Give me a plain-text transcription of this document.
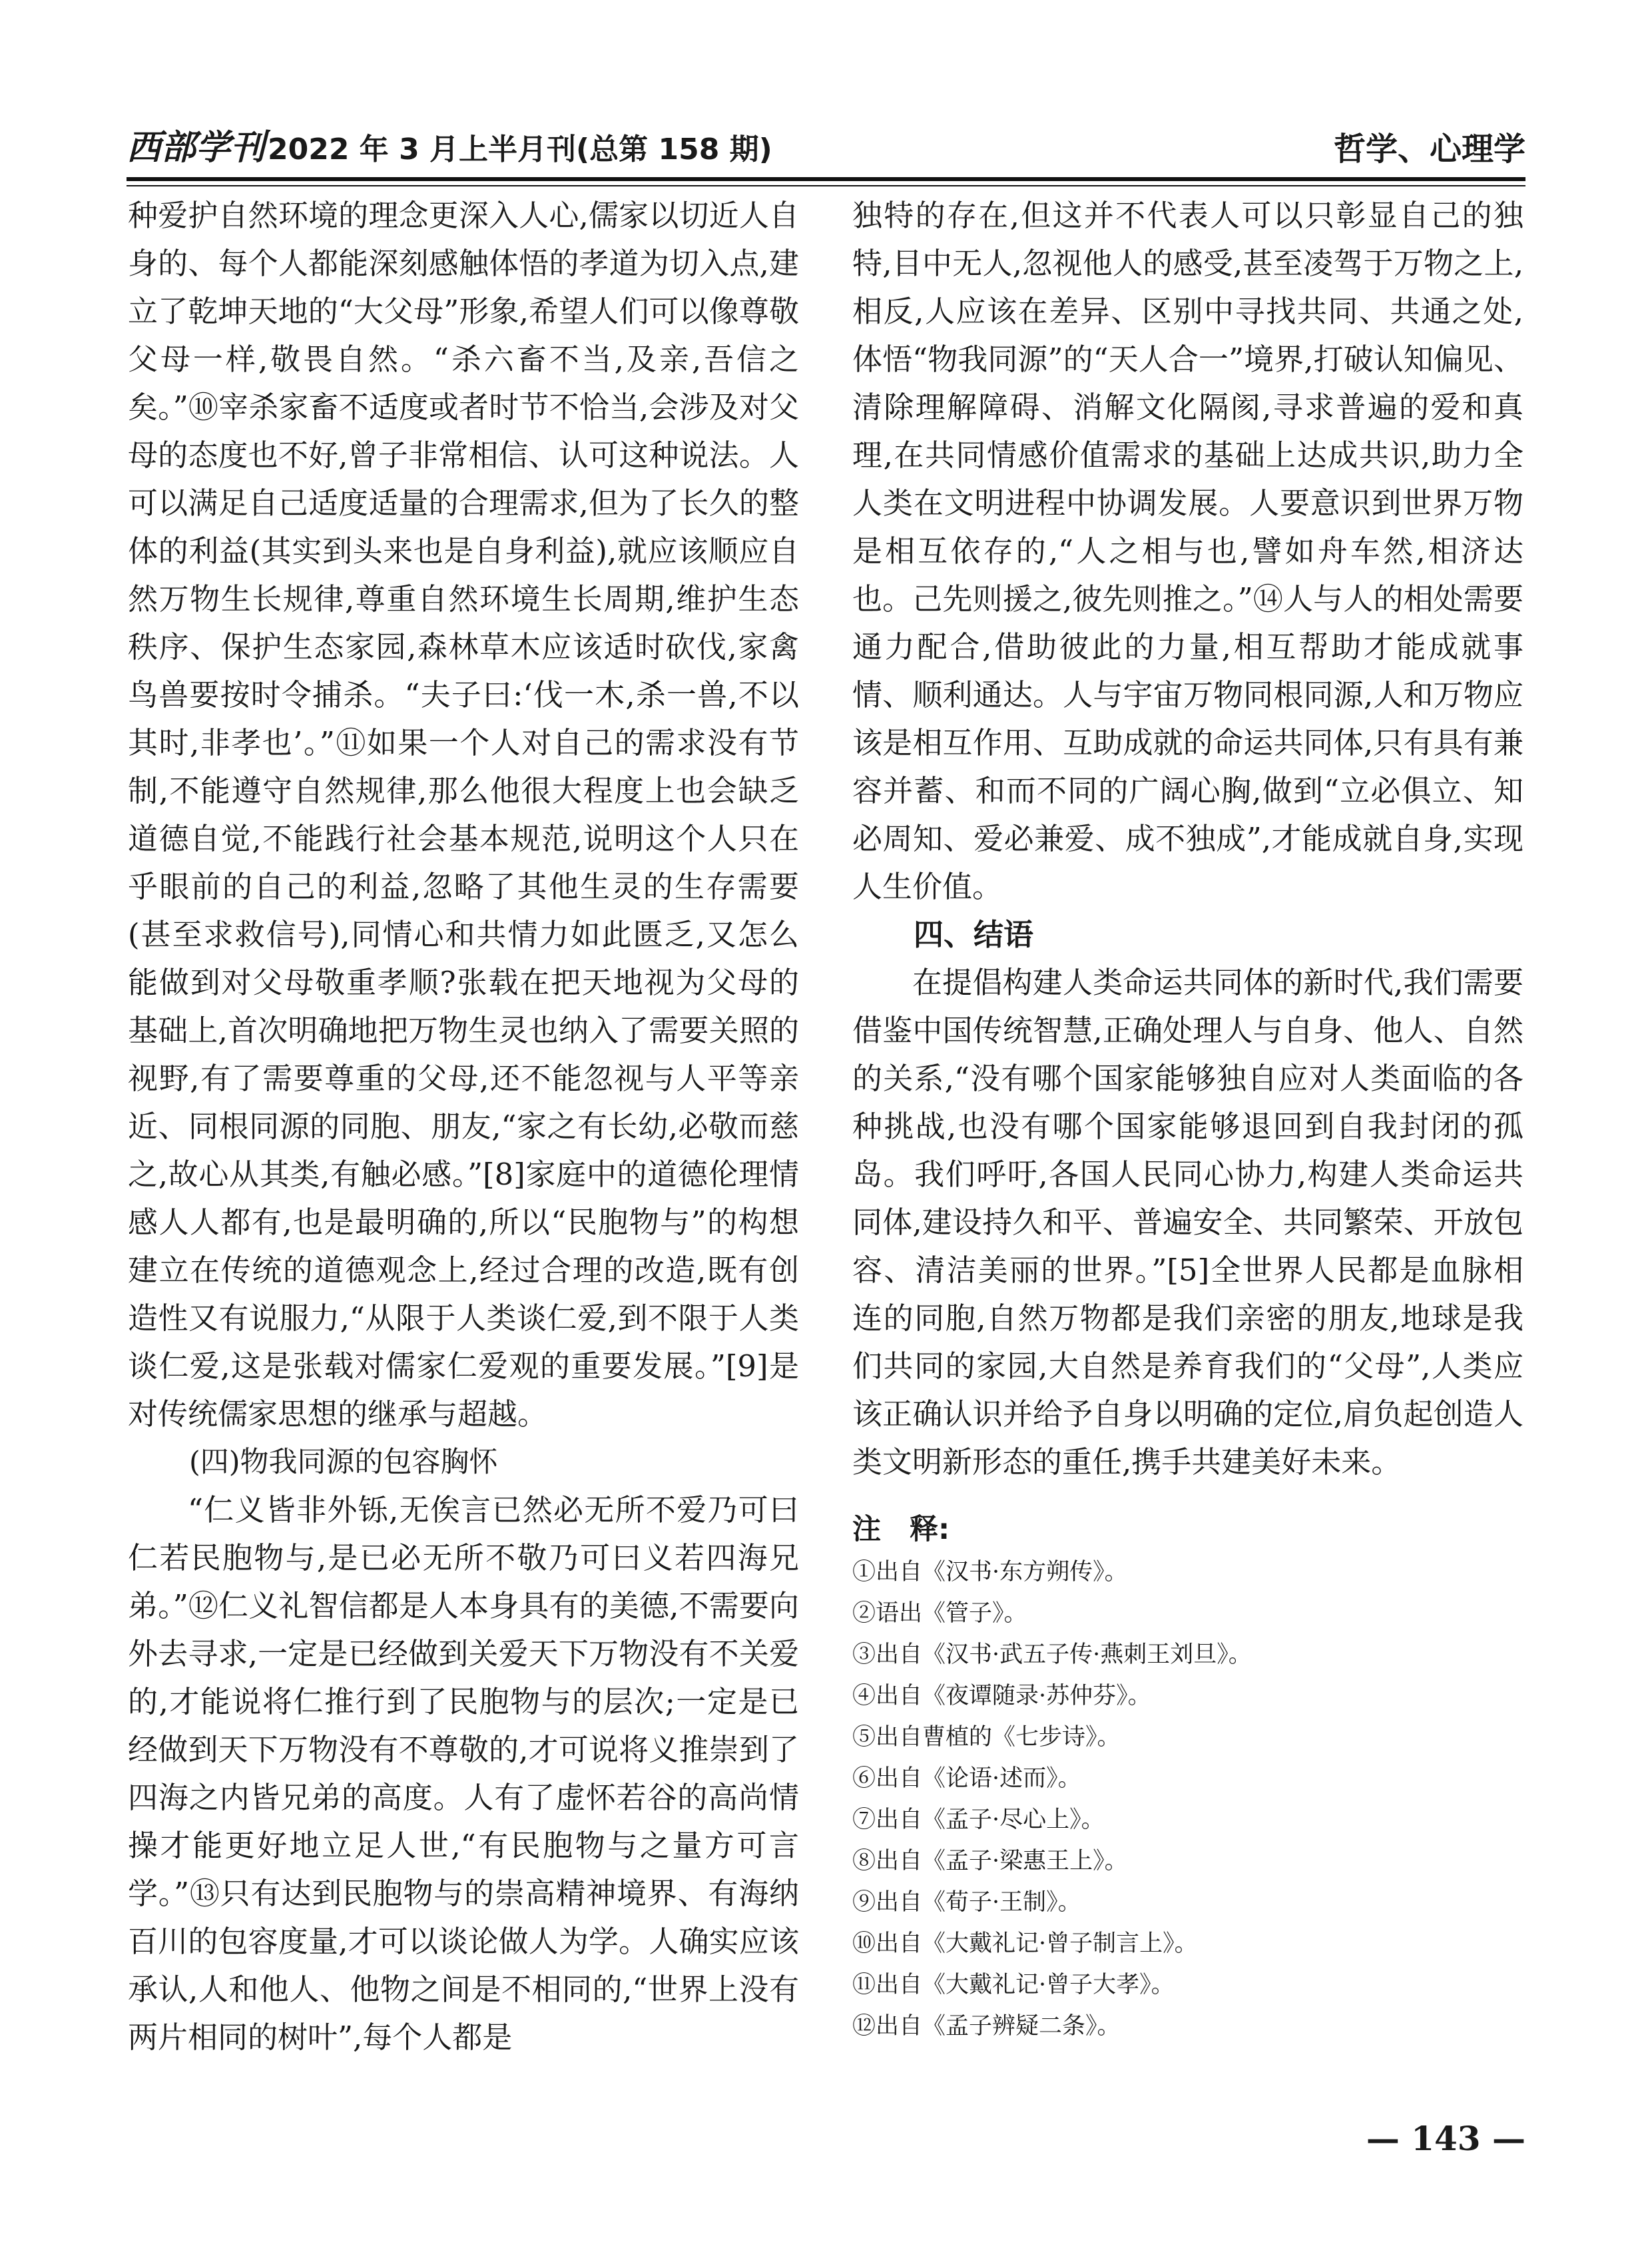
西部学刊2022 年 3 月上半月刊(总第 158 期)	哲学、心理学

种爱护自然环境的理念更深入人心,儒家以切近人自身的、每个人都能深刻感触体悟的孝道为切入点,建立了乾坤天地的“大父母”形象,希望人们可以像尊敬父母一样,敬畏自然。“杀六畜不当,及亲,吾信之矣。”⑩宰杀家畜不适度或者时节不恰当,会涉及对父母的态度也不好,曾子非常相信、认可这种说法。人可以满足自己适度适量的合理需求,但为了长久的整体的利益(其实到头来也是自身利益),就应该顺应自然万物生长规律,尊重自然环境生长周期,维护生态秩序、保护生态家园,森林草木应该适时砍伐,家禽鸟兽要按时令捕杀。“夫子曰:‘伐一木,杀一兽,不以其时,非孝也’。”⑪如果一个人对自己的需求没有节制,不能遵守自然规律,那么他很大程度上也会缺乏道德自觉,不能践行社会基本规范,说明这个人只在乎眼前的自己的利益,忽略了其他生灵的生存需要(甚至求救信号),同情心和共情力如此匮乏,又怎么能做到对父母敬重孝顺?张载在把天地视为父母的基础上,首次明确地把万物生灵也纳入了需要关照的视野,有了需要尊重的父母,还不能忽视与人平等亲近、同根同源的同胞、朋友,“家之有长幼,必敬而慈之,故心从其类,有触必感。”[8]家庭中的道德伦理情感人人都有,也是最明确的,所以“民胞物与”的构想建立在传统的道德观念上,经过合理的改造,既有创造性又有说服力,“从限于人类谈仁爱,到不限于人类谈仁爱,这是张载对儒家仁爱观的重要发展。”[9]是对传统儒家思想的继承与超越。

(四)物我同源的包容胸怀

“仁义皆非外铄,无俟言已然必无所不爱乃可曰仁若民胞物与,是已必无所不敬乃可曰义若四海兄弟。”⑫仁义礼智信都是人本身具有的美德,不需要向外去寻求,一定是已经做到关爱天下万物没有不关爱的,才能说将仁推行到了民胞物与的层次;一定是已经做到天下万物没有不尊敬的,才可说将义推崇到了四海之内皆兄弟的高度。人有了虚怀若谷的高尚情操才能更好地立足人世,“有民胞物与之量方可言学。”⑬只有达到民胞物与的崇高精神境界、有海纳百川的包容度量,才可以谈论做人为学。人确实应该承认,人和他人、他物之间是不相同的,“世界上没有两片相同的树叶”,每个人都是

独特的存在,但这并不代表人可以只彰显自己的独特,目中无人,忽视他人的感受,甚至凌驾于万物之上,相反,人应该在差异、区别中寻找共同、共通之处,体悟“物我同源”的“天人合一”境界,打破认知偏见、清除理解障碍、消解文化隔阂,寻求普遍的爱和真理,在共同情感价值需求的基础上达成共识,助力全人类在文明进程中协调发展。人要意识到世界万物是相互依存的,“人之相与也,譬如舟车然,相济达也。己先则援之,彼先则推之。”⑭人与人的相处需要通力配合,借助彼此的力量,相互帮助才能成就事情、顺利通达。人与宇宙万物同根同源,人和万物应该是相互作用、互助成就的命运共同体,只有具有兼容并蓄、和而不同的广阔心胸,做到“立必俱立、知必周知、爱必兼爱、成不独成”,才能成就自身,实现人生价值。

四、结语

在提倡构建人类命运共同体的新时代,我们需要借鉴中国传统智慧,正确处理人与自身、他人、自然的关系,“没有哪个国家能够独自应对人类面临的各种挑战,也没有哪个国家能够退回到自我封闭的孤岛。我们呼吁,各国人民同心协力,构建人类命运共同体,建设持久和平、普遍安全、共同繁荣、开放包容、清洁美丽的世界。”[5]全世界人民都是血脉相连的同胞,自然万物都是我们亲密的朋友,地球是我们共同的家园,大自然是养育我们的“父母”,人类应该正确认识并给予自身以明确的定位,肩负起创造人类文明新形态的重任,携手共建美好未来。

注　释:
①出自《汉书·东方朔传》。
②语出《管子》。
③出自《汉书·武五子传·燕刺王刘旦》。
④出自《夜谭随录·苏仲芬》。
⑤出自曹植的《七步诗》。
⑥出自《论语·述而》。
⑦出自《孟子·尽心上》。
⑧出自《孟子·梁惠王上》。
⑨出自《荀子·王制》。
⑩出自《大戴礼记·曾子制言上》。
⑪出自《大戴礼记·曾子大孝》。
⑫出自《孟子辨疑二条》。
— 143 —
